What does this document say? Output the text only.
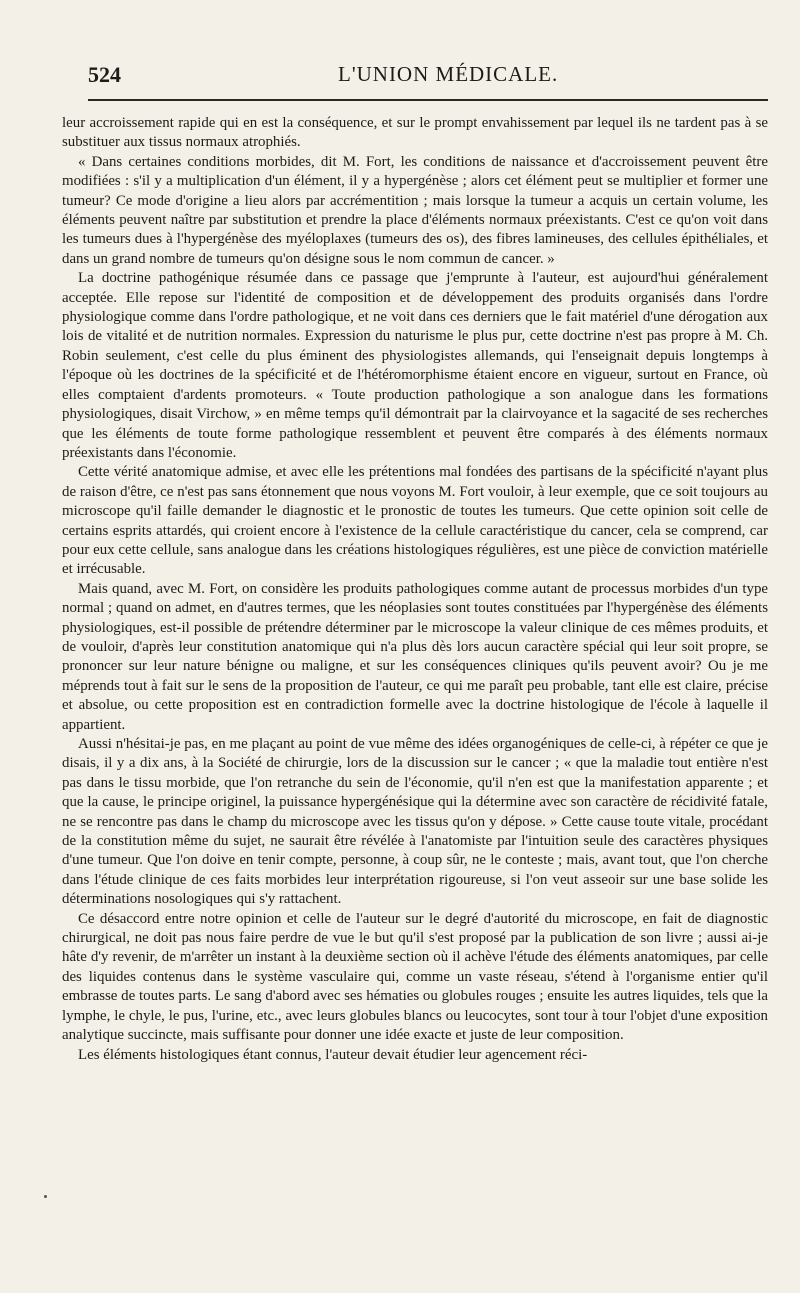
524	L'UNION MÉDICALE.

leur accroissement rapide qui en est la conséquence, et sur le prompt envahissement par lequel ils ne tardent pas à se substituer aux tissus normaux atrophiés.

« Dans certaines conditions morbides, dit M. Fort, les conditions de naissance et d'accroissement peuvent être modifiées : s'il y a multiplication d'un élément, il y a hypergénèse ; alors cet élément peut se multiplier et former une tumeur? Ce mode d'origine a lieu alors par accrémentition ; mais lorsque la tumeur a acquis un certain volume, les éléments peuvent naître par substitution et prendre la place d'éléments normaux préexistants. C'est ce qu'on voit dans les tumeurs dues à l'hypergénèse des myéloplaxes (tumeurs des os), des fibres lamineuses, des cellules épithéliales, et dans un grand nombre de tumeurs qu'on désigne sous le nom commun de cancer. »

La doctrine pathogénique résumée dans ce passage que j'emprunte à l'auteur, est aujourd'hui généralement acceptée. Elle repose sur l'identité de composition et de développement des produits organisés dans l'ordre physiologique comme dans l'ordre pathologique, et ne voit dans ces derniers que le fait matériel d'une dérogation aux lois de vitalité et de nutrition normales. Expression du naturisme le plus pur, cette doctrine n'est pas propre à M. Ch. Robin seulement, c'est celle du plus éminent des physiologistes allemands, qui l'enseignait depuis longtemps à l'époque où les doctrines de la spécificité et de l'hétéromorphisme étaient encore en vigueur, surtout en France, où elles comptaient d'ardents promoteurs. « Toute production pathologique a son analogue dans les formations physiologiques, disait Virchow, » en même temps qu'il démontrait par la clairvoyance et la sagacité de ses recherches que les éléments de toute forme pathologique ressemblent et peuvent être comparés à des éléments normaux préexistants dans l'économie.

Cette vérité anatomique admise, et avec elle les prétentions mal fondées des partisans de la spécificité n'ayant plus de raison d'être, ce n'est pas sans étonnement que nous voyons M. Fort vouloir, à leur exemple, que ce soit toujours au microscope qu'il faille demander le diagnostic et le pronostic de toutes les tumeurs. Que cette opinion soit celle de certains esprits attardés, qui croient encore à l'existence de la cellule caractéristique du cancer, cela se comprend, car pour eux cette cellule, sans analogue dans les créations histologiques régulières, est une pièce de conviction matérielle et irrécusable.

Mais quand, avec M. Fort, on considère les produits pathologiques comme autant de processus morbides d'un type normal ; quand on admet, en d'autres termes, que les néoplasies sont toutes constituées par l'hypergénèse des éléments physiologiques, est-il possible de prétendre déterminer par le microscope la valeur clinique de ces mêmes produits, et de vouloir, d'après leur constitution anatomique qui n'a plus dès lors aucun caractère spécial qui leur soit propre, se prononcer sur leur nature bénigne ou maligne, et sur les conséquences cliniques qu'ils peuvent avoir? Ou je me méprends tout à fait sur le sens de la proposition de l'auteur, ce qui me paraît peu probable, tant elle est claire, précise et absolue, ou cette proposition est en contradiction formelle avec la doctrine histologique de l'école à laquelle il appartient.

Aussi n'hésitai-je pas, en me plaçant au point de vue même des idées organogéniques de celle-ci, à répéter ce que je disais, il y a dix ans, à la Société de chirurgie, lors de la discussion sur le cancer ; « que la maladie tout entière n'est pas dans le tissu morbide, que l'on retranche du sein de l'économie, qu'il n'en est que la manifestation apparente ; et que la cause, le principe originel, la puissance hypergénésique qui la détermine avec son caractère de récidivité fatale, ne se rencontre pas dans le champ du microscope avec les tissus qu'on y dépose. » Cette cause toute vitale, procédant de la constitution même du sujet, ne saurait être révélée à l'anatomiste par l'intuition seule des caractères physiques d'une tumeur. Que l'on doive en tenir compte, personne, à coup sûr, ne le conteste ; mais, avant tout, que l'on cherche dans l'étude clinique de ces faits morbides leur interprétation rigoureuse, si l'on veut asseoir sur une base solide les déterminations nosologiques qui s'y rattachent.

Ce désaccord entre notre opinion et celle de l'auteur sur le degré d'autorité du microscope, en fait de diagnostic chirurgical, ne doit pas nous faire perdre de vue le but qu'il s'est proposé par la publication de son livre ; aussi ai-je hâte d'y revenir, de m'arrêter un instant à la deuxième section où il achève l'étude des éléments anatomiques, par celle des liquides contenus dans le système vasculaire qui, comme un vaste réseau, s'étend à l'organisme entier qu'il embrasse de toutes parts. Le sang d'abord avec ses hématies ou globules rouges ; ensuite les autres liquides, tels que la lymphe, le chyle, le pus, l'urine, etc., avec leurs globules blancs ou leucocytes, sont tour à tour l'objet d'une exposition analytique succincte, mais suffisante pour donner une idée exacte et juste de leur composition.

Les éléments histologiques étant connus, l'auteur devait étudier leur agencement réci-
